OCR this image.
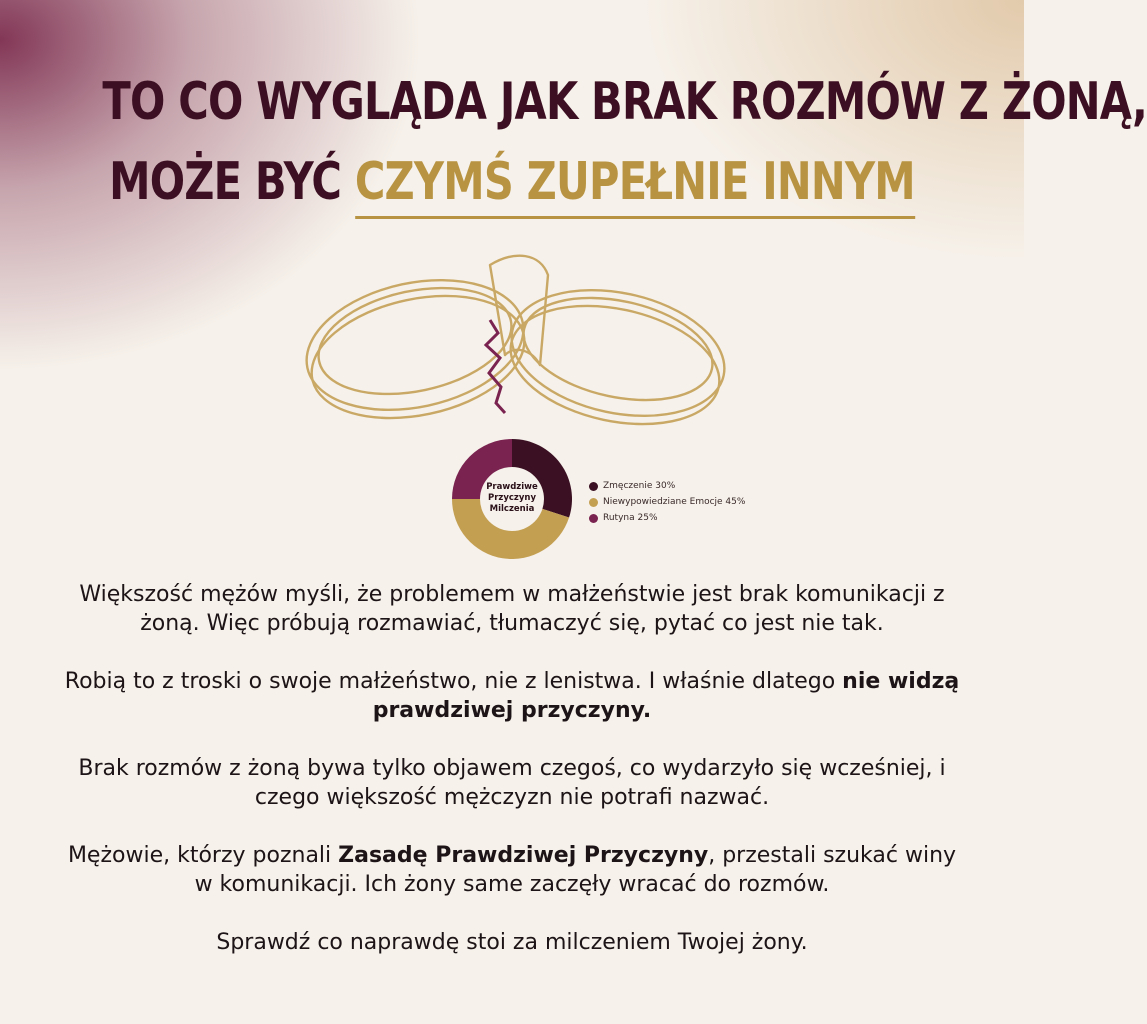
TO CO WYGLĄDA JAK BRAK ROZMÓW Z ŻONĄ,
MOŻE BYĆ CZYMŚ ZUPEŁNIE INNYM
Prawdziwe Przyczyny Milczenia
Zmęczenie 30%
Niewypowiedziane Emocje 45%
Rutyna 25%

Większość mężów myśli, że problemem w małżeństwie jest brak komunikacji z żoną. Więc próbują rozmawiać, tłumaczyć się, pytać co jest nie tak.

Robią to z troski o swoje małżeństwo, nie z lenistwa. I właśnie dlatego nie widzą prawdziwej przyczyny.

Brak rozmów z żoną bywa tylko objawem czegoś, co wydarzyło się wcześniej, i czego większość mężczyzn nie potrafi nazwać.

Mężowie, którzy poznali Zasadę Prawdziwej Przyczyny, przestali szukać winy w komunikacji. Ich żony same zaczęły wracać do rozmów.

Sprawdź co naprawdę stoi za milczeniem Twojej żony.
